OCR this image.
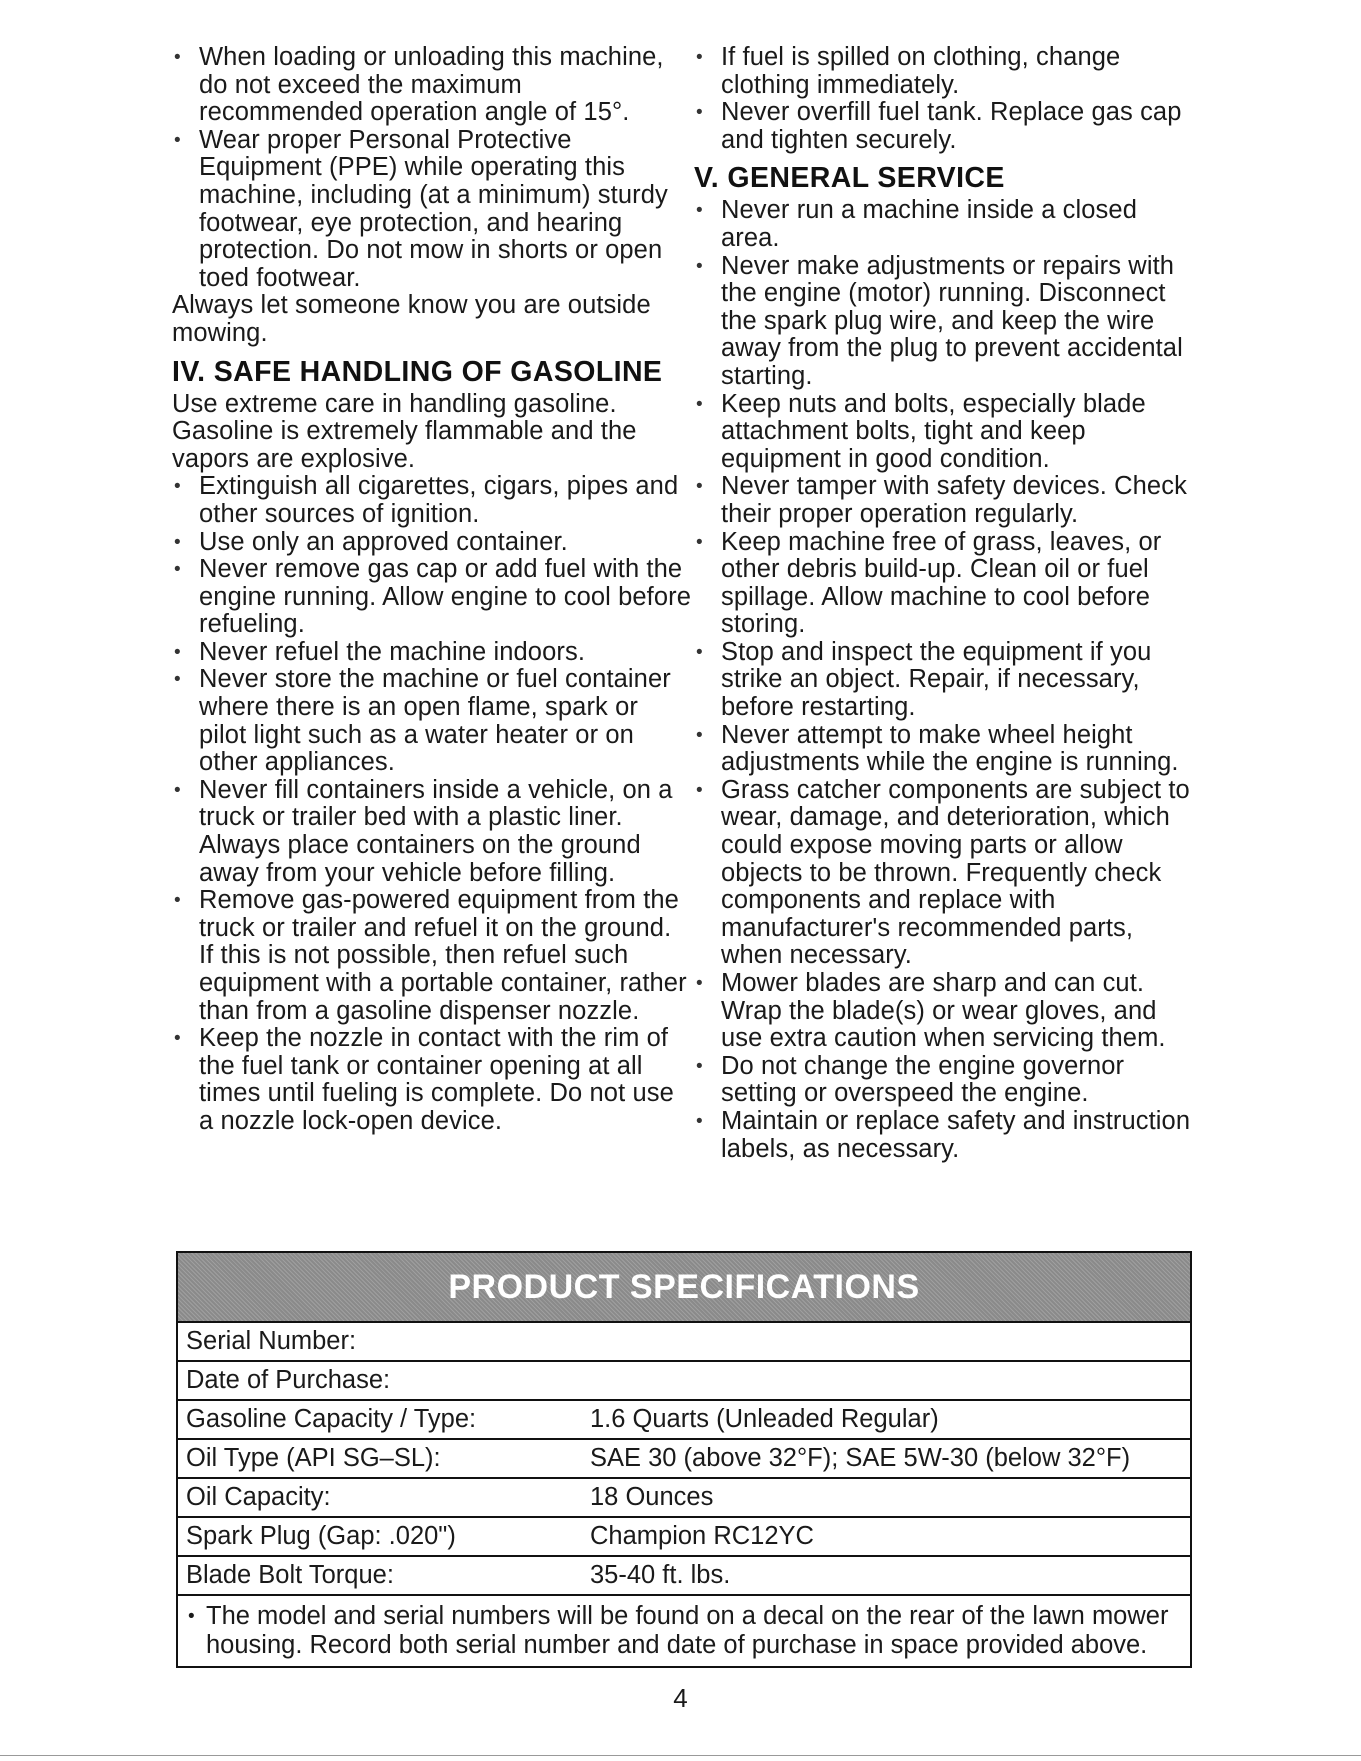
• When loading or unloading this machine, do not exceed the maximum recommended operation angle of 15°.
• Wear proper Personal Protective Equipment (PPE) while operating this machine, including (at a minimum) sturdy footwear, eye protection, and hearing protection. Do not mow in shorts or open toed footwear.

Always let someone know you are outside mowing.

IV. SAFE HANDLING OF GASOLINE

Use extreme care in handling gasoline. Gasoline is extremely flammable and the vapors are explosive.

• Extinguish all cigarettes, cigars, pipes and other sources of ignition.
• Use only an approved container.
• Never remove gas cap or add fuel with the engine running. Allow engine to cool before refueling.
• Never refuel the machine indoors.
• Never store the machine or fuel container where there is an open flame, spark or pilot light such as a water heater or on other appliances.
• Never fill containers inside a vehicle, on a truck or trailer bed with a plastic liner. Always place containers on the ground away from your vehicle before filling.
• Remove gas-powered equipment from the truck or trailer and refuel it on the ground. If this is not possible, then refuel such equipment with a portable container, rather than from a gasoline dispenser nozzle.
• Keep the nozzle in contact with the rim of the fuel tank or container opening at all times until fueling is complete. Do not use a nozzle lock-open device.
• If fuel is spilled on clothing, change clothing immediately.
• Never overfill fuel tank. Replace gas cap and tighten securely.
V. GENERAL SERVICE
• Never run a machine inside a closed area.
• Never make adjustments or repairs with the engine (motor) running. Disconnect the spark plug wire, and keep the wire away from the plug to prevent accidental starting.
• Keep nuts and bolts, especially blade attachment bolts, tight and keep equipment in good condition.
• Never tamper with safety devices. Check their proper operation regularly.
• Keep machine free of grass, leaves, or other debris build-up. Clean oil or fuel spillage. Allow machine to cool before storing.
• Stop and inspect the equipment if you strike an object. Repair, if necessary, before restarting.
• Never attempt to make wheel height adjustments while the engine is running.
• Grass catcher components are subject to wear, damage, and deterioration, which could expose moving parts or allow objects to be thrown. Frequently check components and replace with manufacturer's recommended parts, when necessary.
• Mower blades are sharp and can cut. Wrap the blade(s) or wear gloves, and use extra caution when servicing them.
• Do not change the engine governor setting or overspeed the engine.
• Maintain or replace safety and instruction labels, as necessary.
PRODUCT SPECIFICATIONS
Serial Number:
Date of Purchase:
Gasoline Capacity / Type:	1.6 Quarts (Unleaded Regular)
Oil Type (API SG–SL):	SAE 30 (above 32°F); SAE 5W-30 (below 32°F)
Oil Capacity:	18 Ounces
Spark Plug (Gap: .020")	Champion RC12YC
Blade Bolt Torque:	35-40 ft. lbs.
• The model and serial numbers will be found on a decal on the rear of the lawn mower housing. Record both serial number and date of purchase in space provided above.
4
